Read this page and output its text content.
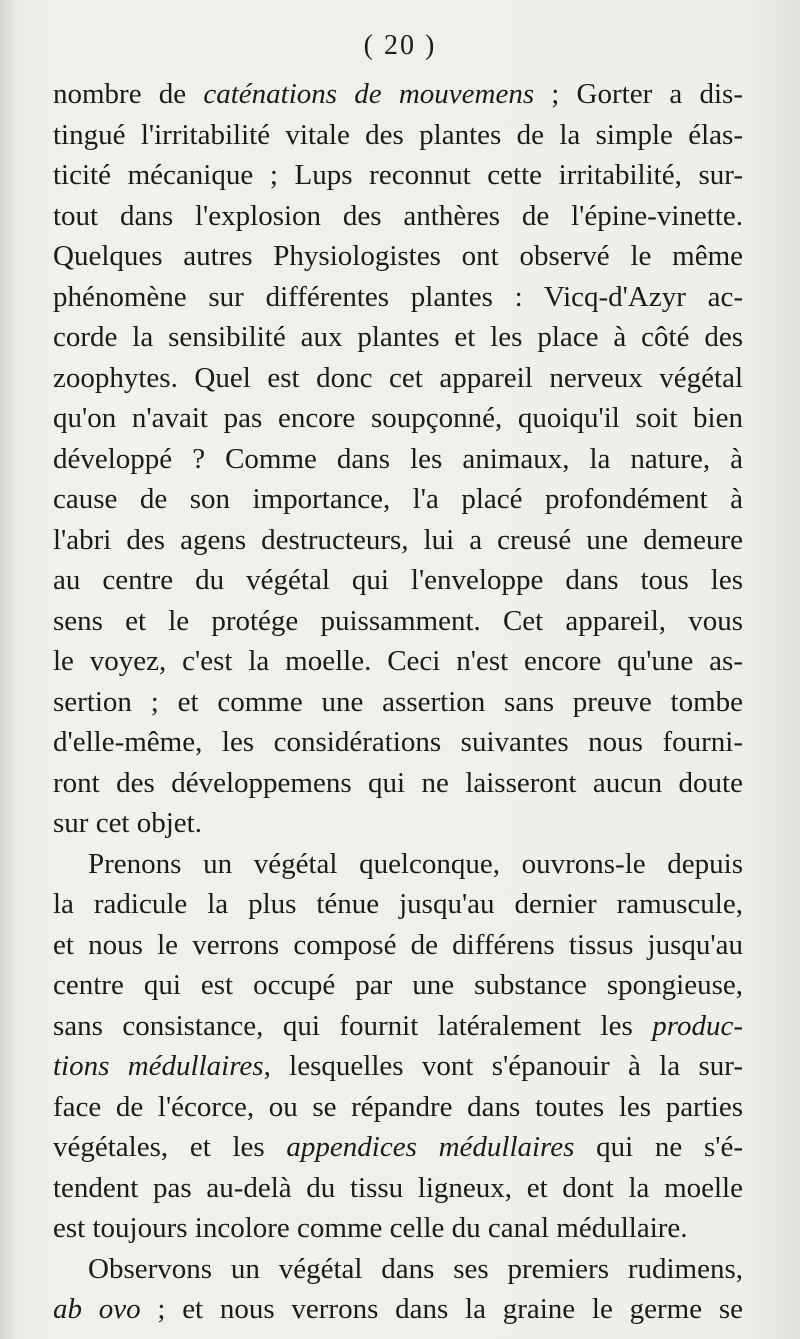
( 20 )
nombre de caténations de mouvemens ; Gorter a dis-
tingué l'irritabilité vitale des plantes de la simple élas-
ticité mécanique ; Lups reconnut cette irritabilité, sur-
tout dans l'explosion des anthères de l'épine-vinette.
Quelques autres Physiologistes ont observé le même
phénomène sur différentes plantes : Vicq-d'Azyr ac-
corde la sensibilité aux plantes et les place à côté des
zoophytes. Quel est donc cet appareil nerveux végétal
qu'on n'avait pas encore soupçonné, quoiqu'il soit bien
développé ? Comme dans les animaux, la nature, à
cause de son importance, l'a placé profondément à
l'abri des agens destructeurs, lui a creusé une demeure
au centre du végétal qui l'enveloppe dans tous les
sens et le protége puissamment. Cet appareil, vous
le voyez, c'est la moelle. Ceci n'est encore qu'une as-
sertion ; et comme une assertion sans preuve tombe
d'elle-même, les considérations suivantes nous fourni-
ront des développemens qui ne laisseront aucun doute
sur cet objet.
Prenons un végétal quelconque, ouvrons-le depuis
la radicule la plus ténue jusqu'au dernier ramuscule,
et nous le verrons composé de différens tissus jusqu'au
centre qui est occupé par une substance spongieuse,
sans consistance, qui fournit latéralement les produc-
tions médullaires, lesquelles vont s'épanouir à la sur-
face de l'écorce, ou se répandre dans toutes les parties
végétales, et les appendices médullaires qui ne s'é-
tendent pas au-delà du tissu ligneux, et dont la moelle
est toujours incolore comme celle du canal médullaire.
Observons un végétal dans ses premiers rudimens,
ab ovo ; et nous verrons dans la graine le germe se
